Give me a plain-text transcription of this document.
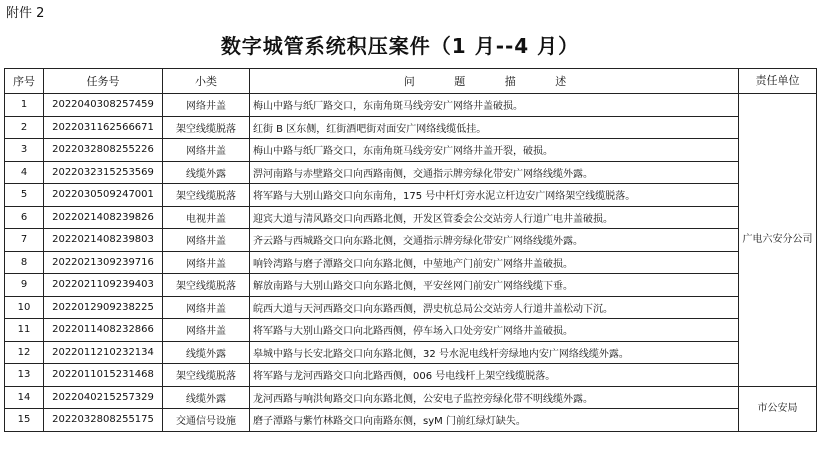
附件 2
数字城管系统积压案件（1 月--4 月）
序号	任务号	小类	问 题 描 述	责任单位
1	2022040308257459	网络井盖	梅山中路与纸厂路交口，东南角斑马线旁安广网络井盖破损。	广电六安分公司
2	2022031162566671	架空线缆脱落	红街 B 区东侧，红街酒吧街对面安广网络线缆低挂。	
3	2022032808255226	网络井盖	梅山中路与纸厂路交口，东南角斑马线旁安广网络井盖开裂，破损。	
4	2022032315253569	线缆外露	淠河南路与赤壁路交口向西路南侧，交通指示牌旁绿化带安广网络线缆外露。	
5	2022030509247001	架空线缆脱落	将军路与大别山路交口向东南角，175 号中杆灯旁水泥立杆边安广网络架空线缆脱落。	
6	2022021408239826	电视井盖	迎宾大道与清风路交口向西路北侧，开发区管委会公交站旁人行道广电井盖破损。	
7	2022021408239803	网络井盖	齐云路与西城路交口向东路北侧，交通指示牌旁绿化带安广网络线缆外露。	
8	2022021309239716	网络井盖	响铃湾路与磨子潭路交口向东路北侧，中堃地产门前安广网络井盖破损。	
9	2022021109239403	架空线缆脱落	解放南路与大别山路交口向东路北侧，平安丝网门前安广网络线缆下垂。	
10	2022012909238225	网络井盖	皖西大道与天河西路交口向东路西侧，淠史杭总局公交站旁人行道井盖松动下沉。	
11	2022011408232866	网络井盖	将军路与大别山路交口向北路西侧，停车场入口处旁安广网络井盖破损。	
12	2022011210232134	线缆外露	皋城中路与长安北路交口向东路北侧，32 号水泥电线杆旁绿地内安广网络线缆外露。	
13	2022011015231468	架空线缆脱落	将军路与龙河西路交口向北路西侧，006 号电线杆上架空线缆脱落。	
14	2022040215257329	线缆外露	龙河西路与响洪甸路交口向东路北侧，公安电子监控旁绿化带不明线缆外露。	市公安局
15	2022032808255175	交通信号设施	磨子潭路与紫竹林路交口向南路东侧，syM 门前红绿灯缺失。	
